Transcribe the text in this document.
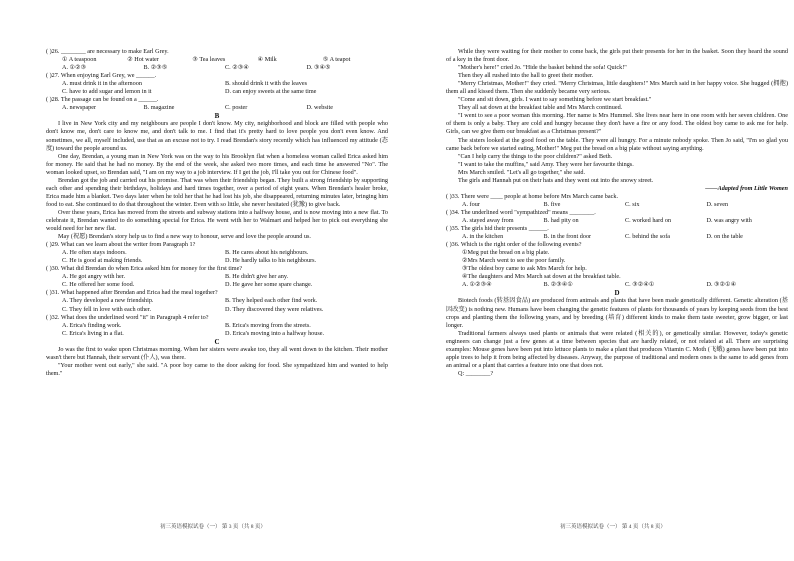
( )26. ________ are necessary to make Earl Grey.

① A teaspoon	② Hot water	③ Tea leaves	④ Milk	⑤ A teapot
A. ①②③	B. ②③⑤	C. ②③④	D. ③④⑤

( )27. When enjoying Earl Grey, we ______.

A. must drink it in the afternoon	B. should drink it with the leaves
C. have to add sugar and lemon in it	D. can enjoy sweets at the same time

( )28. The passage can be found on a ______.

A. newspaper	B. magazine	C. poster	D. website

B

I live in New York city and my neighbours are people I don't know. My city, neighborhood and block are filled with people who don't know me, don't care to know me, and don't talk to me. I find that it's pretty hard to love people you don't even know. And sometimes, we all, myself included, use that as an excuse not to try. I read Brendan's story recently which has influenced my attitude (态度) toward the people around us.

One day, Brendan, a young man in New York was on the way to his Brooklyn flat when a homeless woman called Erica asked him for money. He said that he had no money. By the end of the week, she asked two more times, and each time he answered "No". The woman looked upset, so Brendan said, "I am on my way to a job interview. If I get the job, I'll take you out for Chinese food".

Brendan got the job and carried out his promise. That was when their friendship began. They built a strong friendship by supporting each other and spending their birthdays, holidays and hard times together, over a period of eight years. When Brendan's healer broke, Erica made him a blanket. Two days later when he told her that he had lost his job, she disappeared, returning minutes later, bringing him food to eat. She continued to do that throughout the winter. Even with so little, she never hesitated (犹豫) to give back.

Over these years, Erica has moved from the streets and subway stations into a halfway house, and is now moving into a new flat. To celebrate it, Brendan wanted to do something special for Erica. He went with her to Walmart and helped her to pick out everything she would need for her new flat.

May (祝愿) Brendan's story help us to find a new way to honour, serve and love the people around us.

( )29. What can we learn about the writer from Paragraph 1?

A. He often stays indoors.	B. He cares about his neighbours.
C. He is good at making friends.	D. He hardly talks to his neighbours.

( )30. What did Brendan do when Erica asked him for money for the first time?

A. He got angry with her.	B. He didn't give her any.
C. He offered her some food.	D. He gave her some spare change.

( )31. What happened after Brendan and Erica had the meal together?

A. They developed a new friendship.	B. They helped each other find work.
C. They fell in love with each other.	D. They discovered they were relatives.

( )32. What does the underlined word "it" in Paragraph 4 refer to?

A. Erica's finding work.	B. Erica's moving from the streets.
C. Erica's living in a flat.	D. Erica's moving into a halfway house.

C

Jo was the first to wake upon Christmas morning. When her sisters were awake too, they all went down to the kitchen. Their mother wasn't there but Hannah, their servant (仆人), was there.

"Your mother went out early," she said. "A poor boy came to the door asking for food. She sympathized him and wanted to help them."

While they were waiting for their mother to come back, the girls put their presents for her in the basket. Soon they heard the sound of a key in the front door.

"Mother's here!" cried Jo. "Hide the basket behind the sofa! Quick!"

Then they all rushed into the hall to greet their mother.

"Merry Christmas, Mother!" they cried. "Merry Christmas, little daughters!" Mrs March said in her happy voice. She hugged (拥抱) them all and kissed them. Then she suddenly became very serious.

"Come and sit down, girls. I want to say something before we start breakfast."

They all sat down at the breakfast table and Mrs March continued.

"I went to see a poor woman this morning. Her name is Mrs Hummel. She lives near here in one room with her seven children. One of them is only a baby. They are cold and hungry because they don't have a fire or any food. The oldest boy came to ask me for help. Girls, can we give them our breakfast as a Christmas present?"

The sisters looked at the good food on the table. They were all hungry. For a minute nobody spoke. Then Jo said, "I'm so glad you came back before we started eating, Mother!" Meg put the bread on a big plate without saying anything.

"Can I help carry the things to the poor children?" asked Beth.

"I want to take the muffins," said Amy. They were her favourite things.

Mrs March smiled. "Let's all go together," she said.

The girls and Hannah put on their hats and they went out into the snowy street.

——Adapted from Little Women

( )33. There were ____ people at home before Mrs March came back.

A. four	B. five	C. six	D. seven

( )34. The underlined word "sympathized" means ________.

A. stayed away from	B. had pity on	C. worked hard on	D. was angry with

( )35. The girls hid their presents ______.

A. in the kitchen	B. in the front door	C. behind the sofa	D. on the table

( )36. Which is the right order of the following events?

①Meg put the bread on a big plate.

②Mrs March went to see the poor family.

③The oldest boy came to ask Mrs March for help.

④The daughters and Mrs March sat down at the breakfast table.

A. ①②③④	B. ②③④①	C. ③②④①	D. ③②①④

D

Biotech foods (转基因食品) are produced from animals and plants that have been made genetically different. Genetic alteration (基因改变) is nothing new. Humans have been changing the genetic features of plants for thousands of years by keeping seeds from the best crops and planting them the following years, and by breeding (培育) different kinds to make them taste sweeter, grow bigger, or last longer.

Traditional farmers always used plants or animals that were related (相关的), or genetically similar. However, today's genetic engineers can change just a few genes at a time between species that are hardly related, or not related at all. There are surprising examples: Mouse genes have been put into lettuce plants to make a plant that produces Vitamin C. Moth (飞蛾) genes have been put into apple trees to help it from being affected by diseases. Anyway, the purpose of traditional and modern ones is the same to add genes from an animal or a plant that carries a feature into one that does not.

Q: ________?

初三英语模拟试卷（一） 第 3 页（共 8 页）	初三英语模拟试卷（一） 第 4 页（共 8 页）
